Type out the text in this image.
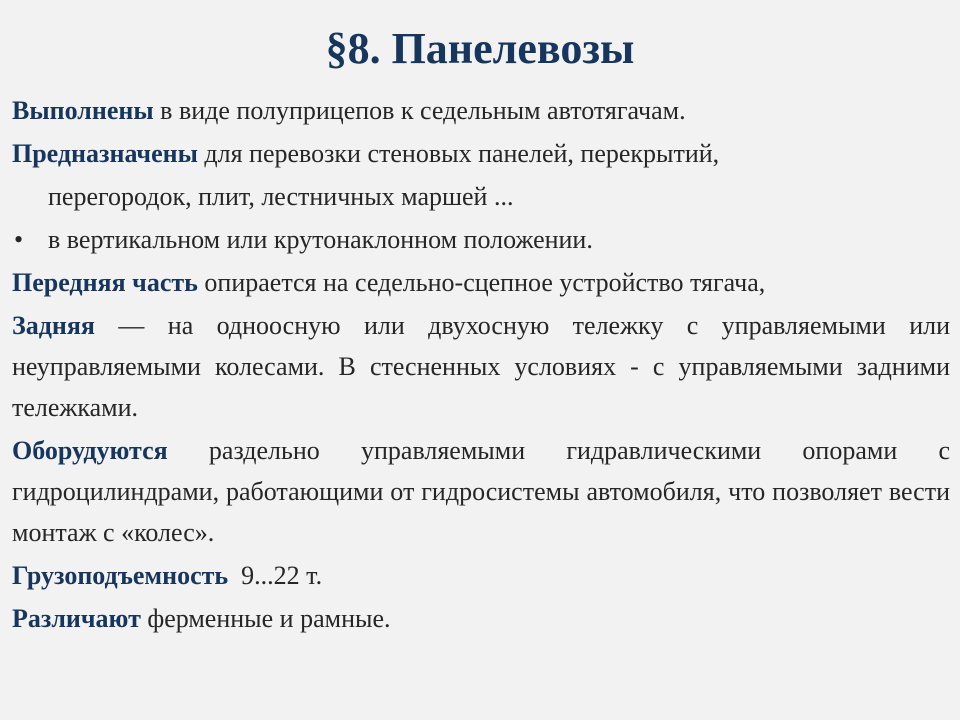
§8. Панелевозы

Выполнены в виде полуприцепов к седельным автотягачам.

Предназначены для перевозки стеновых панелей, перекрытий,

перегородок, плит, лестничных маршей ...

• в вертикальном или крутонаклонном положении.

Передняя часть опирается на седельно-сцепное устройство тягача,

Задняя — на одноосную или двухосную тележку с управляемыми или неуправляемыми колесами. В стесненных условиях - с управляемыми задними тележками.

Оборудуются раздельно управляемыми гидравлическими опорами с гидроцилиндрами, работающими от гидросистемы автомобиля, что позволяет вести монтаж с «колес».

Грузоподъемность  9...22 т.

Различают ферменные и рамные.
